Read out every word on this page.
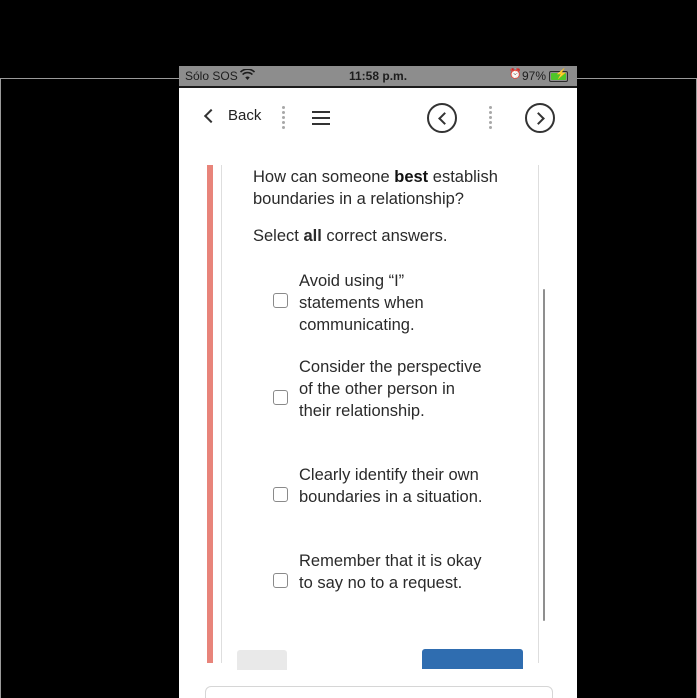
Sólo SOS	11:58 p.m.	⏰ 97% ⚡
Back
How can someone best establish boundaries in a relationship?
Select all correct answers.
Avoid using “I” statements when communicating.
Consider the perspective of the other person in their relationship.
Clearly identify their own boundaries in a situation.
Remember that it is okay to say no to a request.
